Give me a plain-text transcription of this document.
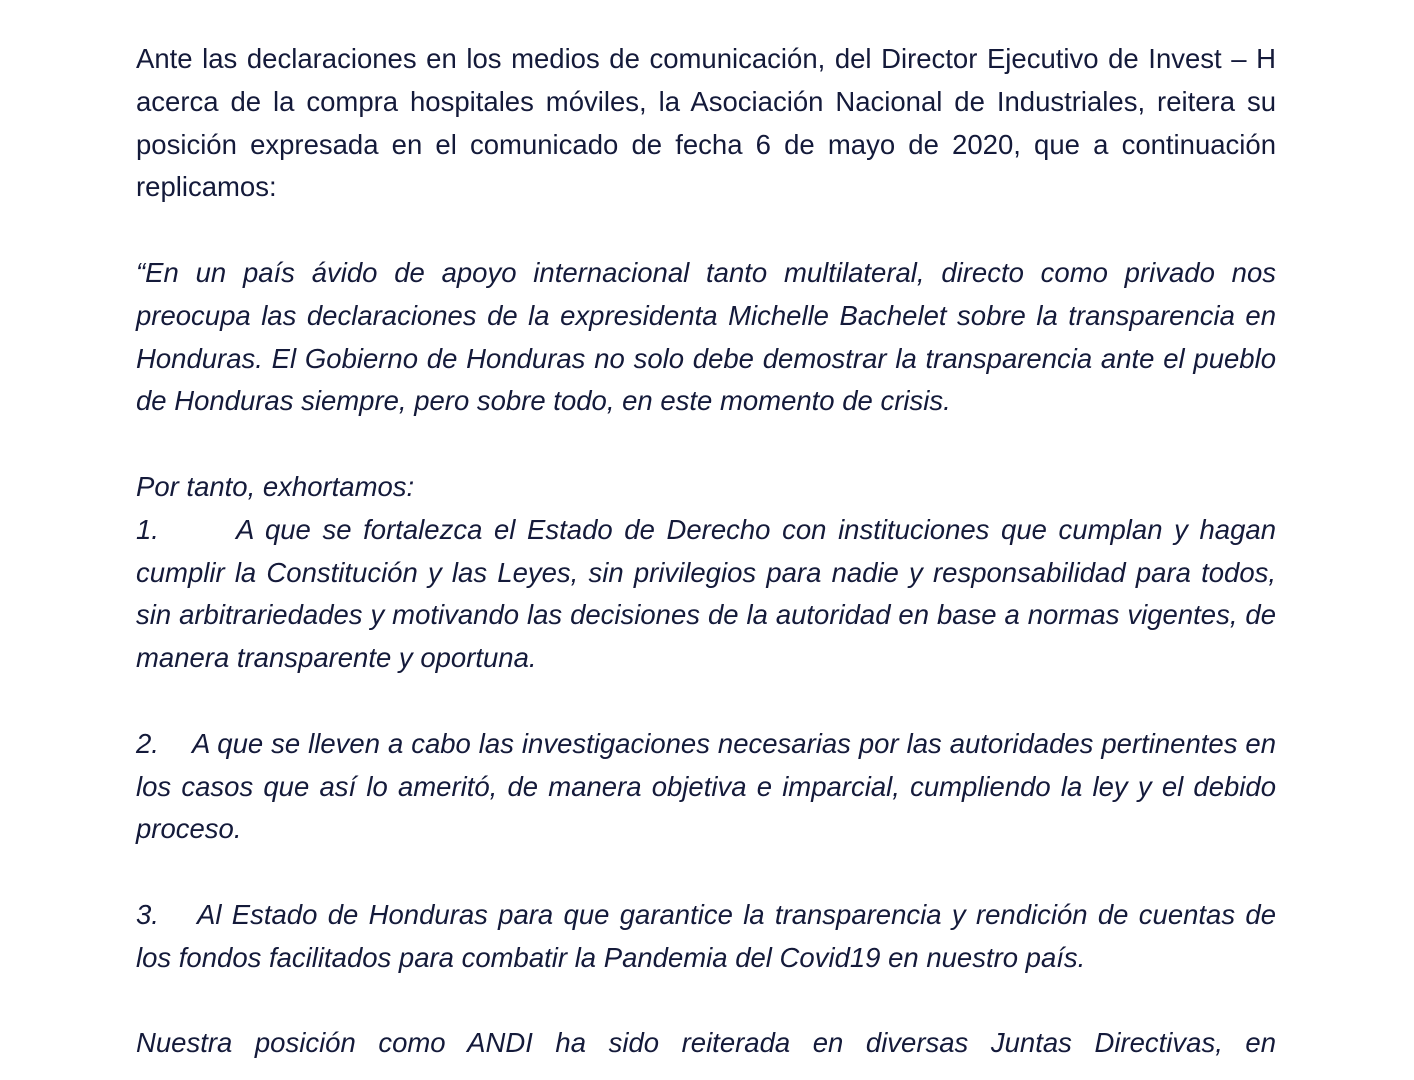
Ante las declaraciones en los medios de comunicación, del Director Ejecutivo de Invest – H acerca de la compra hospitales móviles, la Asociación Nacional de Industriales, reitera su posición expresada en el comunicado de fecha 6 de mayo de 2020, que a continuación replicamos:

“En un país ávido de apoyo internacional tanto multilateral, directo como privado nos preocupa las declaraciones de la expresidenta Michelle Bachelet sobre la transparencia en Honduras. El Gobierno de Honduras no solo debe demostrar la transparencia ante el pueblo de Honduras siempre, pero sobre todo, en este momento de crisis.

Por tanto, exhortamos:

1.	A que se fortalezca el Estado de Derecho con instituciones que cumplan y hagan cumplir la Constitución y las Leyes, sin privilegios para nadie y responsabilidad para todos, sin arbitrariedades y motivando las decisiones de la autoridad en base a normas vigentes, de manera transparente y oportuna.

2. A que se lleven a cabo las investigaciones necesarias por las autoridades pertinentes en los casos que así lo ameritó, de manera objetiva e imparcial, cumpliendo la ley y el debido proceso.

3. Al Estado de Honduras para que garantice la transparencia y rendición de cuentas de los fondos facilitados para combatir la Pandemia del Covid19 en nuestro país.

Nuestra posición como ANDI ha sido reiterada en diversas Juntas Directivas, en
